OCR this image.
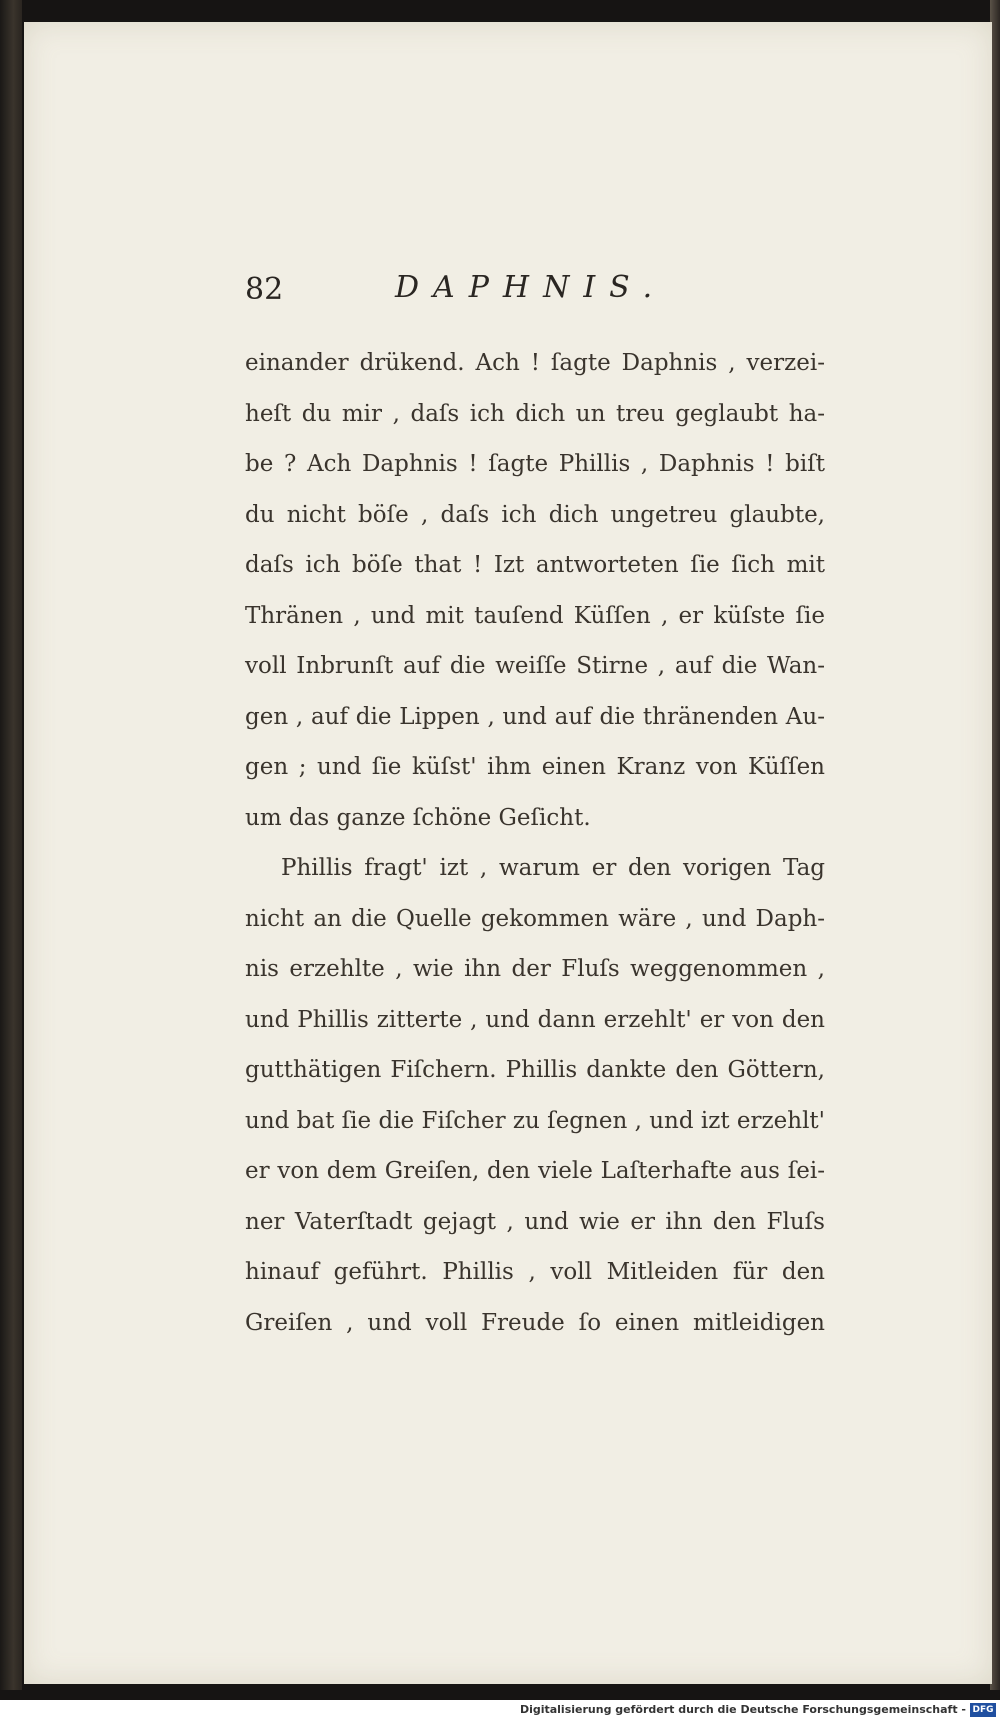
82	DAPHNIS.
einander drükend. Ach ! ſagte Daphnis , verzei-
heſt du mir , daſs ich dich un treu geglaubt ha-
be ? Ach Daphnis ! ſagte Phillis , Daphnis ! biſt
du nicht böſe , daſs ich dich ungetreu glaubte,
daſs ich böſe that ! Izt antworteten ſie ſich mit
Thränen , und mit tauſend Küſſen , er küſste ſie
voll Inbrunſt auf die weiſſe Stirne , auf die Wan-
gen , auf die Lippen , und auf die thränenden Au-
gen ; und ſie küſst' ihm einen Kranz von Küſſen
um das ganze ſchöne Geſicht.
Phillis fragt' izt , warum er den vorigen Tag
nicht an die Quelle gekommen wäre , und Daph-
nis erzehlte , wie ihn der Fluſs weggenommen ,
und Phillis zitterte , und dann erzehlt' er von den
gutthätigen Fiſchern. Phillis dankte den Göttern,
und bat ſie die Fiſcher zu ſegnen , und izt erzehlt'
er von dem Greiſen, den viele Laſterhafte aus ſei-
ner Vaterſtadt gejagt , und wie er ihn den Fluſs
hinauf geführt. Phillis , voll Mitleiden für den
Greiſen , und voll Freude ſo einen mitleidigen
Digitalisierung gefördert durch die Deutsche Forschungsgemeinschaft - DFG
